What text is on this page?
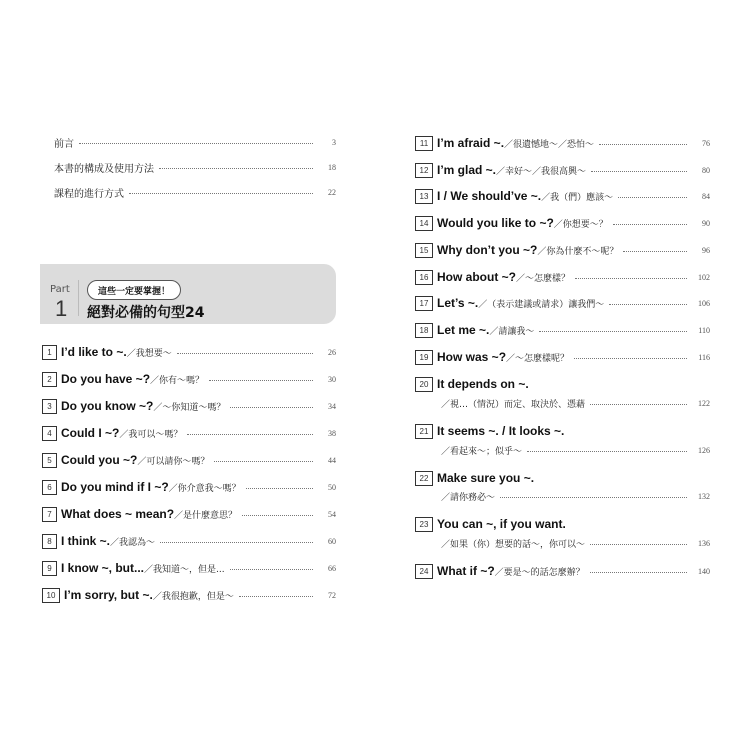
前言	3
本書的構成及使用方法	18
課程的進行方式	22
Part
1
這些一定要掌握！
絕對必備的句型24
1 I’d like to ~. ／我想要～	26
2 Do you have ~? ／你有～嗎？	30
3 Do you know ~? ／～你知道～嗎？	34
4 Could I ~? ／我可以～嗎？	38
5 Could you ~? ／可以請你～嗎？	44
6 Do you mind if I ~? ／你介意我～嗎？	50
7 What does ~ mean? ／是什麼意思？	54
8 I think ~. ／我認為～	60
9 I know ~, but... ／我知道～，但是...	66
10 I’m sorry, but ~. ／我很抱歉，但是～	72
11 I’m afraid ~. ／很遺憾地～／恐怕～	76
12 I’m glad ~. ／幸好～／我很高興～	80
13 I / We should’ve ~. ／我（們）應該～	84
14 Would you like to ~? ／你想要～？	90
15 Why don’t you ~? ／你為什麼不～呢？	96
16 How about ~? ／～怎麼樣？	102
17 Let’s ~. ／（表示建議或請求）讓我們～	106
18 Let me ~. ／請讓我～	110
19 How was ~? ／～怎麼樣呢？	116
20 It depends on ~.
／視…（情況）而定、取決於、憑藉	122
21 It seems ~. / It looks ~.
／看起來～；似乎～	126
22 Make sure you ~.
／請你務必～	132
23 You can ~, if you want.
／如果（你）想要的話～，你可以～	136
24 What if ~? ／要是～的話怎麼辦？	140
